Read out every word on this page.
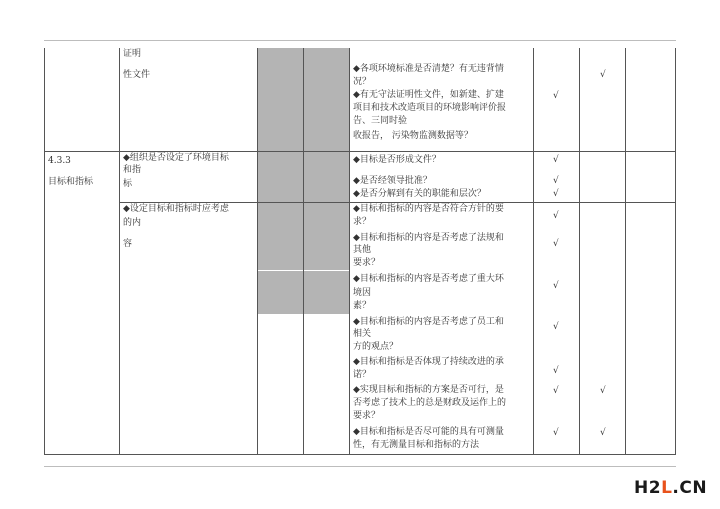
证明
性文件
◆各项环境标准是否清楚？有无违背情
况？
◆有无守法证明性文件，如新建、扩建
项目和技术改造项目的环境影响评价报
告、三同时验
收报告， 污染物监测数据等？
√
√
4.3.3
目标和指标
◆组织是否设定了环境目标
和指
标
◆目标是否形成文件？
◆是否经领导批准？
◆是否分解到有关的职能和层次？
√
√
√
◆设定目标和指标时应考虑
的内
容
◆目标和指标的内容是否符合方针的要
求？
◆目标和指标的内容是否考虑了法规和
其他
要求？
◆目标和指标的内容是否考虑了重大环
境因
素？
◆目标和指标的内容是否考虑了员工和
相关
方的观点？
◆目标和指标是否体现了持续改进的承
诺？
◆实现目标和指标的方案是否可行，是
否考虑了技术上的总是财政及运作上的
要求？
◆目标和指标是否尽可能的具有可测量
性，有无测量目标和指标的方法
√
√
√
√
√
√	√
√	√
H2L.CN
